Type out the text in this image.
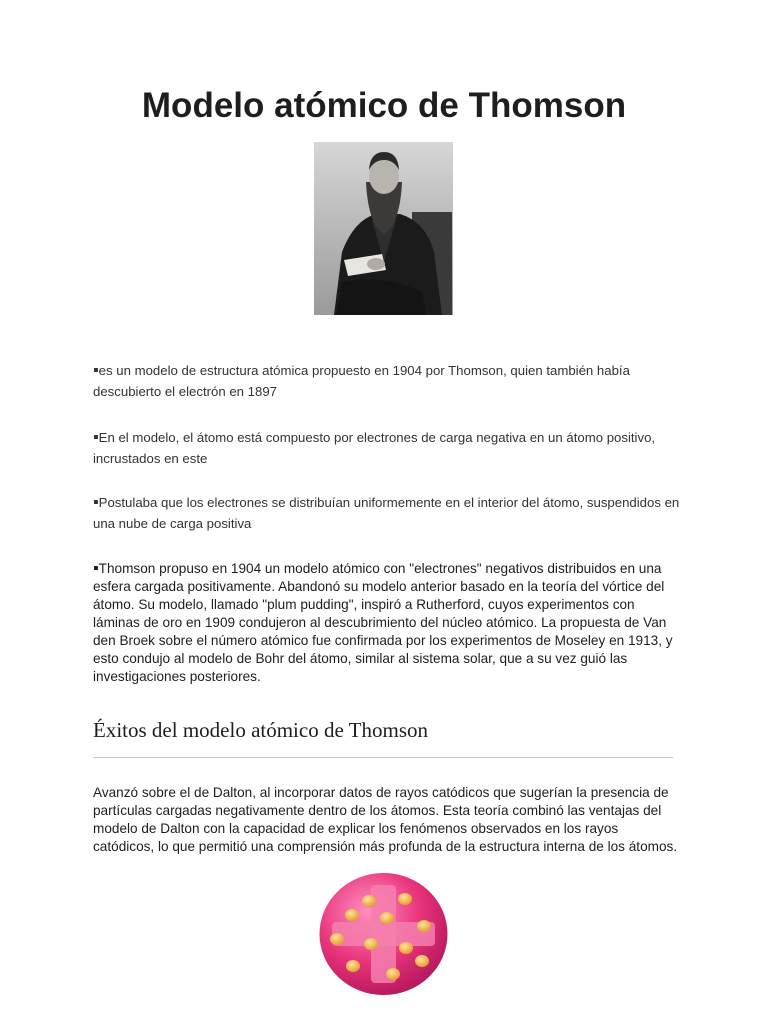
Modelo atómico de Thomson

▪es un modelo de estructura atómica propuesto en 1904 por Thomson, quien también había descubierto el electrón en 1897

▪En el modelo, el átomo está compuesto por electrones de carga negativa en un átomo positivo, incrustados en este

▪Postulaba que los electrones se distribuían uniformemente en el interior del átomo, suspendidos en una nube de carga positiva

▪Thomson propuso en 1904 un modelo atómico con "electrones" negativos distribuidos en una esfera cargada positivamente. Abandonó su modelo anterior basado en la teoría del vórtice del átomo. Su modelo, llamado "plum pudding", inspiró a Rutherford, cuyos experimentos con láminas de oro en 1909 condujeron al descubrimiento del núcleo atómico. La propuesta de Van den Broek sobre el número atómico fue confirmada por los experimentos de Moseley en 1913, y esto condujo al modelo de Bohr del átomo, similar al sistema solar, que a su vez guió las investigaciones posteriores.

Éxitos del modelo atómico de Thomson

Avanzó sobre el de Dalton, al incorporar datos de rayos catódicos que sugerían la presencia de partículas cargadas negativamente dentro de los átomos. Esta teoría combinó las ventajas del modelo de Dalton con la capacidad de explicar los fenómenos observados en los rayos catódicos, lo que permitió una comprensión más profunda de la estructura interna de los átomos.
